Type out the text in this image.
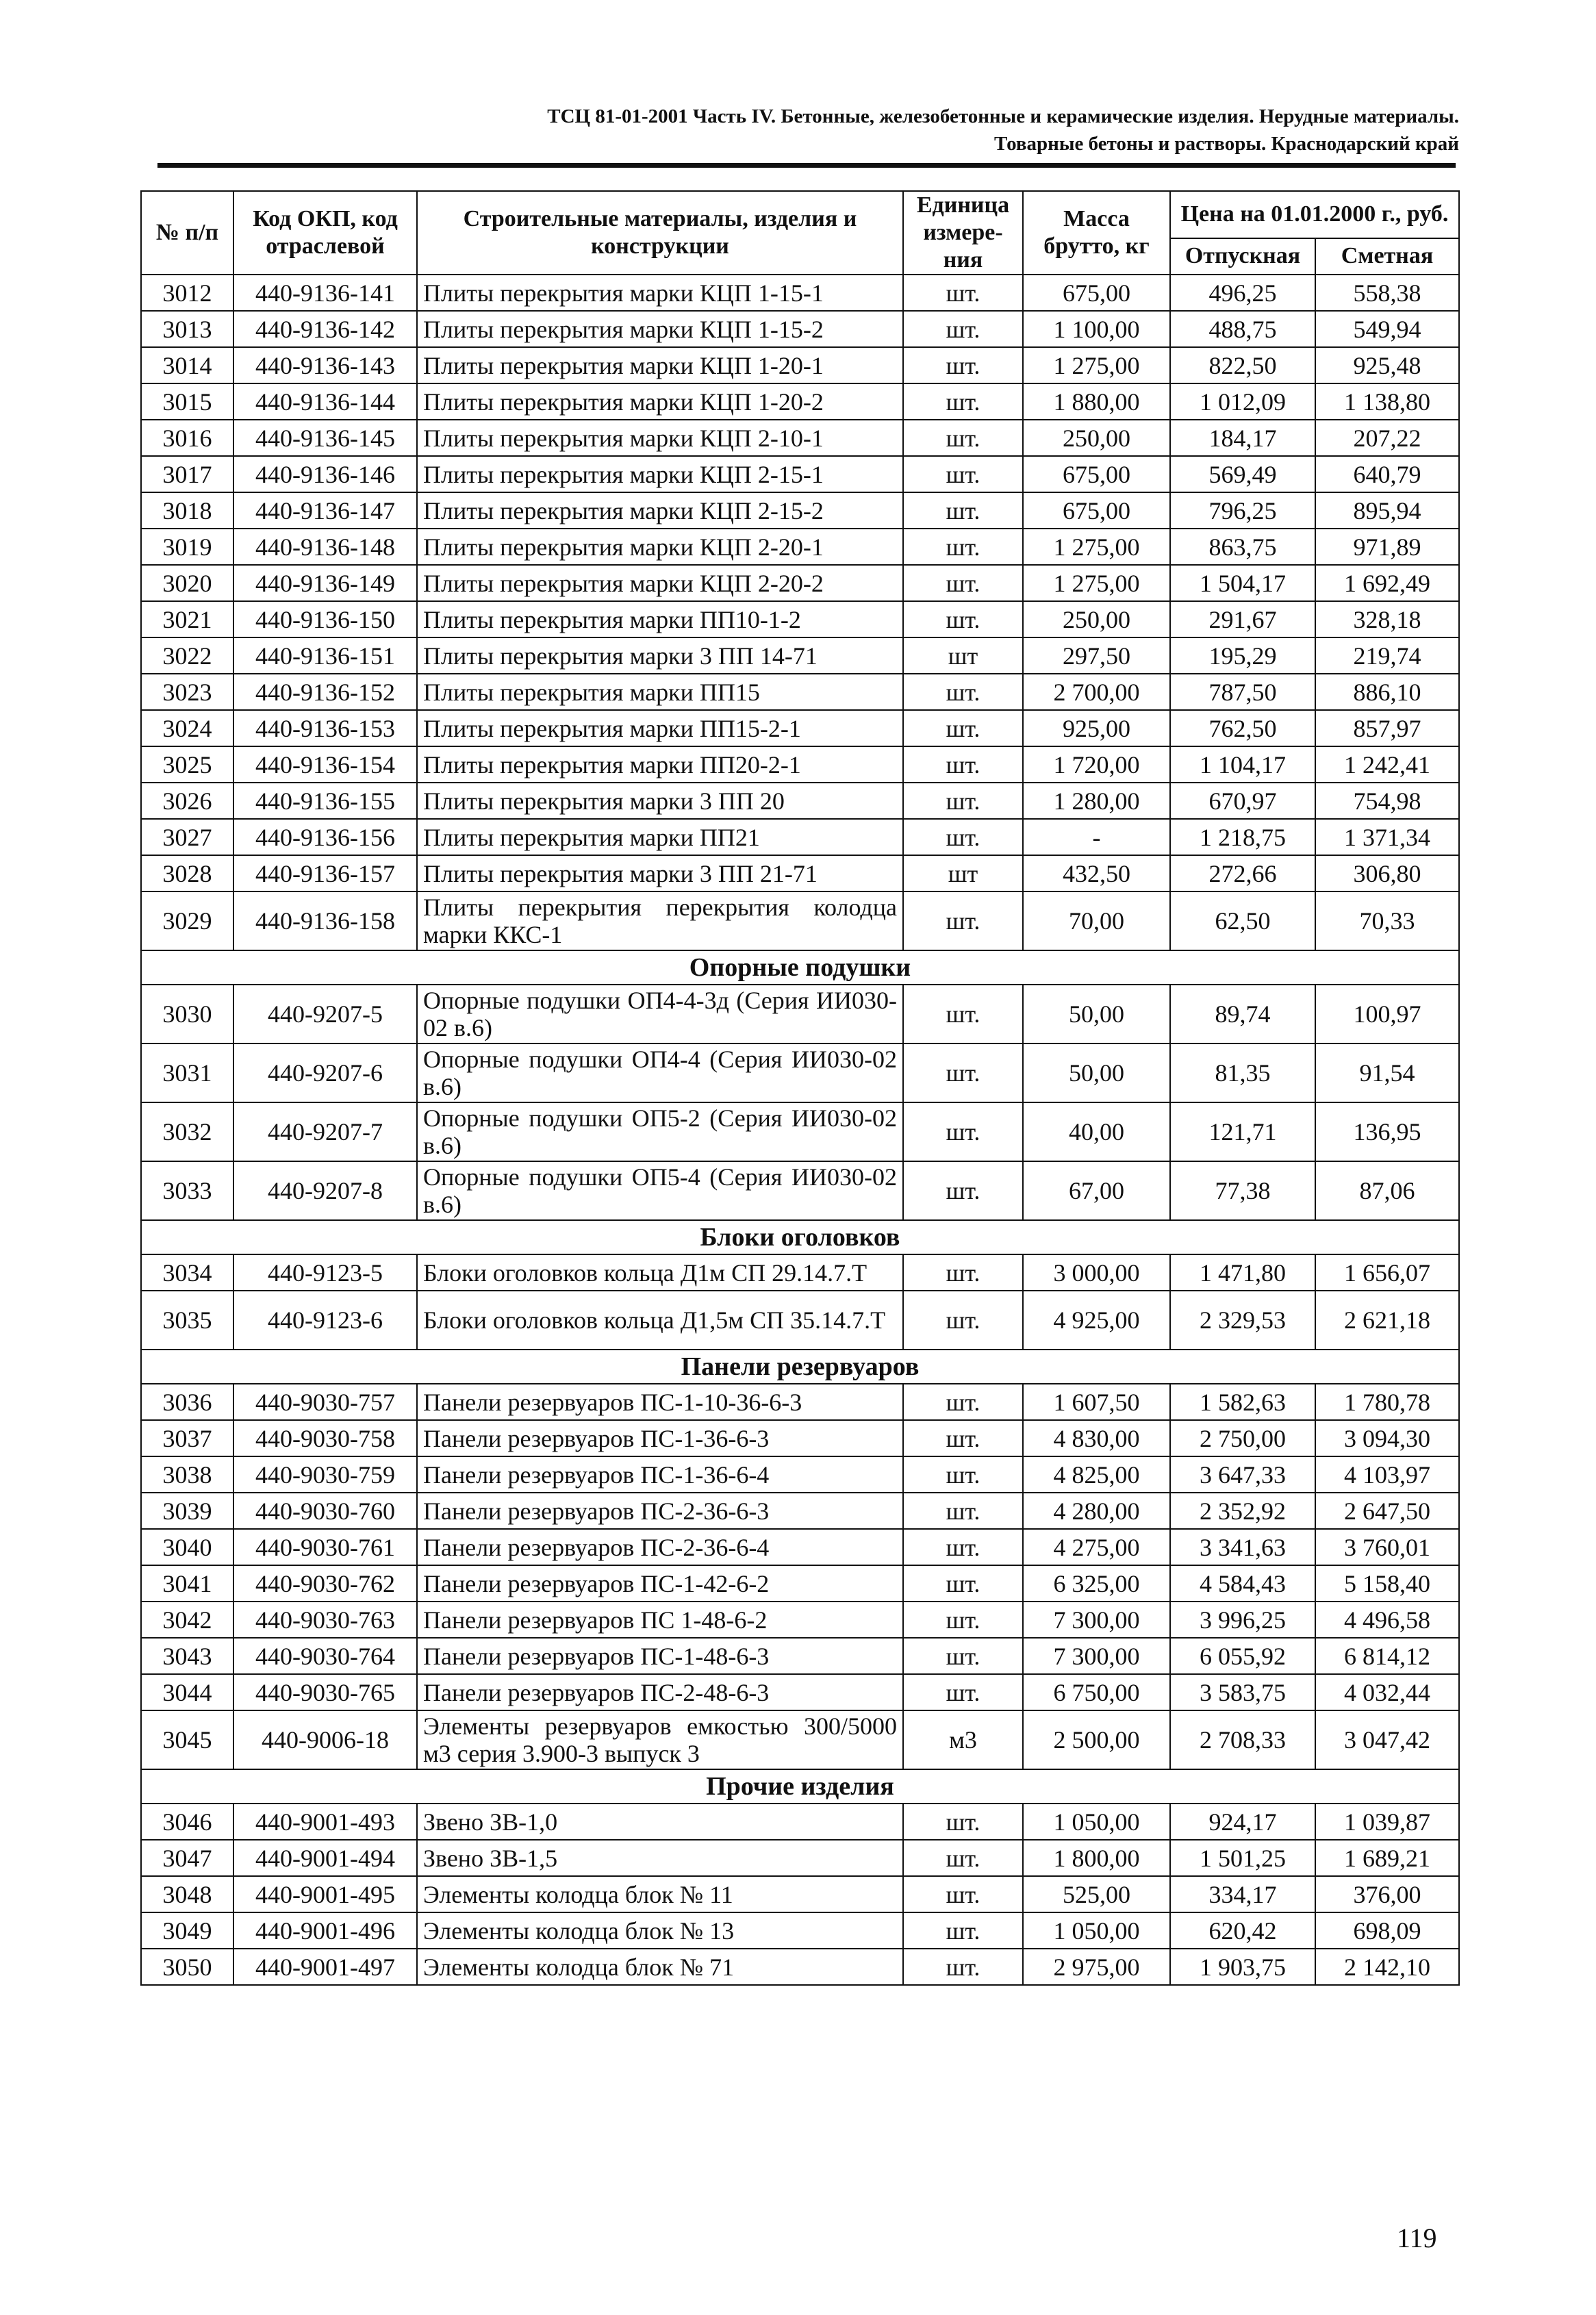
ТСЦ 81-01-2001 Часть IV. Бетонные, железобетонные и керамические изделия. Нерудные материалы.
Товарные бетоны и растворы. Краснодарский край
№ п/п	Код ОКП, код отраслевой	Строительные материалы, изделия и конструкции	Единица измере-ния	Масса брутто, кг	Цена на 01.01.2000 г., руб.	
					Отпускная	Сметная
3012	440-9136-141	Плиты перекрытия марки КЦП 1-15-1	шт.	675,00	496,25	558,38
3013	440-9136-142	Плиты перекрытия марки КЦП 1-15-2	шт.	1 100,00	488,75	549,94
3014	440-9136-143	Плиты перекрытия марки КЦП 1-20-1	шт.	1 275,00	822,50	925,48
3015	440-9136-144	Плиты перекрытия марки КЦП 1-20-2	шт.	1 880,00	1 012,09	1 138,80
3016	440-9136-145	Плиты перекрытия марки КЦП 2-10-1	шт.	250,00	184,17	207,22
3017	440-9136-146	Плиты перекрытия марки КЦП 2-15-1	шт.	675,00	569,49	640,79
3018	440-9136-147	Плиты перекрытия марки КЦП 2-15-2	шт.	675,00	796,25	895,94
3019	440-9136-148	Плиты перекрытия марки КЦП 2-20-1	шт.	1 275,00	863,75	971,89
3020	440-9136-149	Плиты перекрытия марки КЦП 2-20-2	шт.	1 275,00	1 504,17	1 692,49
3021	440-9136-150	Плиты перекрытия марки ПП10-1-2	шт.	250,00	291,67	328,18
3022	440-9136-151	Плиты перекрытия марки 3 ПП 14-71	шт	297,50	195,29	219,74
3023	440-9136-152	Плиты перекрытия марки ПП15	шт.	2 700,00	787,50	886,10
3024	440-9136-153	Плиты перекрытия марки ПП15-2-1	шт.	925,00	762,50	857,97
3025	440-9136-154	Плиты перекрытия марки ПП20-2-1	шт.	1 720,00	1 104,17	1 242,41
3026	440-9136-155	Плиты перекрытия марки 3 ПП 20	шт.	1 280,00	670,97	754,98
3027	440-9136-156	Плиты перекрытия марки ПП21	шт.	-	1 218,75	1 371,34
3028	440-9136-157	Плиты перекрытия марки 3 ПП 21-71	шт	432,50	272,66	306,80
3029	440-9136-158	Плиты перекрытия перекрытия колодца марки ККС-1	шт.	70,00	62,50	70,33
Опорные подушки						
3030	440-9207-5	Опорные подушки ОП4-4-3д (Серия ИИ030-02 в.6)	шт.	50,00	89,74	100,97
3031	440-9207-6	Опорные подушки ОП4-4 (Серия ИИ030-02 в.6)	шт.	50,00	81,35	91,54
3032	440-9207-7	Опорные подушки ОП5-2 (Серия ИИ030-02 в.6)	шт.	40,00	121,71	136,95
3033	440-9207-8	Опорные подушки ОП5-4 (Серия ИИ030-02 в.6)	шт.	67,00	77,38	87,06
Блоки оголовков						
3034	440-9123-5	Блоки оголовков кольца Д1м СП 29.14.7.Т	шт.	3 000,00	1 471,80	1 656,07
3035	440-9123-6	Блоки оголовков кольца Д1,5м СП 35.14.7.Т	шт.	4 925,00	2 329,53	2 621,18
Панели резервуаров						
3036	440-9030-757	Панели резервуаров ПС-1-10-36-6-3	шт.	1 607,50	1 582,63	1 780,78
3037	440-9030-758	Панели резервуаров ПС-1-36-6-3	шт.	4 830,00	2 750,00	3 094,30
3038	440-9030-759	Панели резервуаров ПС-1-36-6-4	шт.	4 825,00	3 647,33	4 103,97
3039	440-9030-760	Панели резервуаров ПС-2-36-6-3	шт.	4 280,00	2 352,92	2 647,50
3040	440-9030-761	Панели резервуаров ПС-2-36-6-4	шт.	4 275,00	3 341,63	3 760,01
3041	440-9030-762	Панели резервуаров ПС-1-42-6-2	шт.	6 325,00	4 584,43	5 158,40
3042	440-9030-763	Панели резервуаров ПС 1-48-6-2	шт.	7 300,00	3 996,25	4 496,58
3043	440-9030-764	Панели резервуаров ПС-1-48-6-3	шт.	7 300,00	6 055,92	6 814,12
3044	440-9030-765	Панели резервуаров ПС-2-48-6-3	шт.	6 750,00	3 583,75	4 032,44
3045	440-9006-18	Элементы резервуаров емкостью 300/5000 м3 серия 3.900-3 выпуск 3	м3	2 500,00	2 708,33	3 047,42
Прочие изделия						
3046	440-9001-493	Звено ЗВ-1,0	шт.	1 050,00	924,17	1 039,87
3047	440-9001-494	Звено ЗВ-1,5	шт.	1 800,00	1 501,25	1 689,21
3048	440-9001-495	Элементы колодца блок № 11	шт.	525,00	334,17	376,00
3049	440-9001-496	Элементы колодца блок № 13	шт.	1 050,00	620,42	698,09
3050	440-9001-497	Элементы колодца блок № 71	шт.	2 975,00	1 903,75	2 142,10
119
